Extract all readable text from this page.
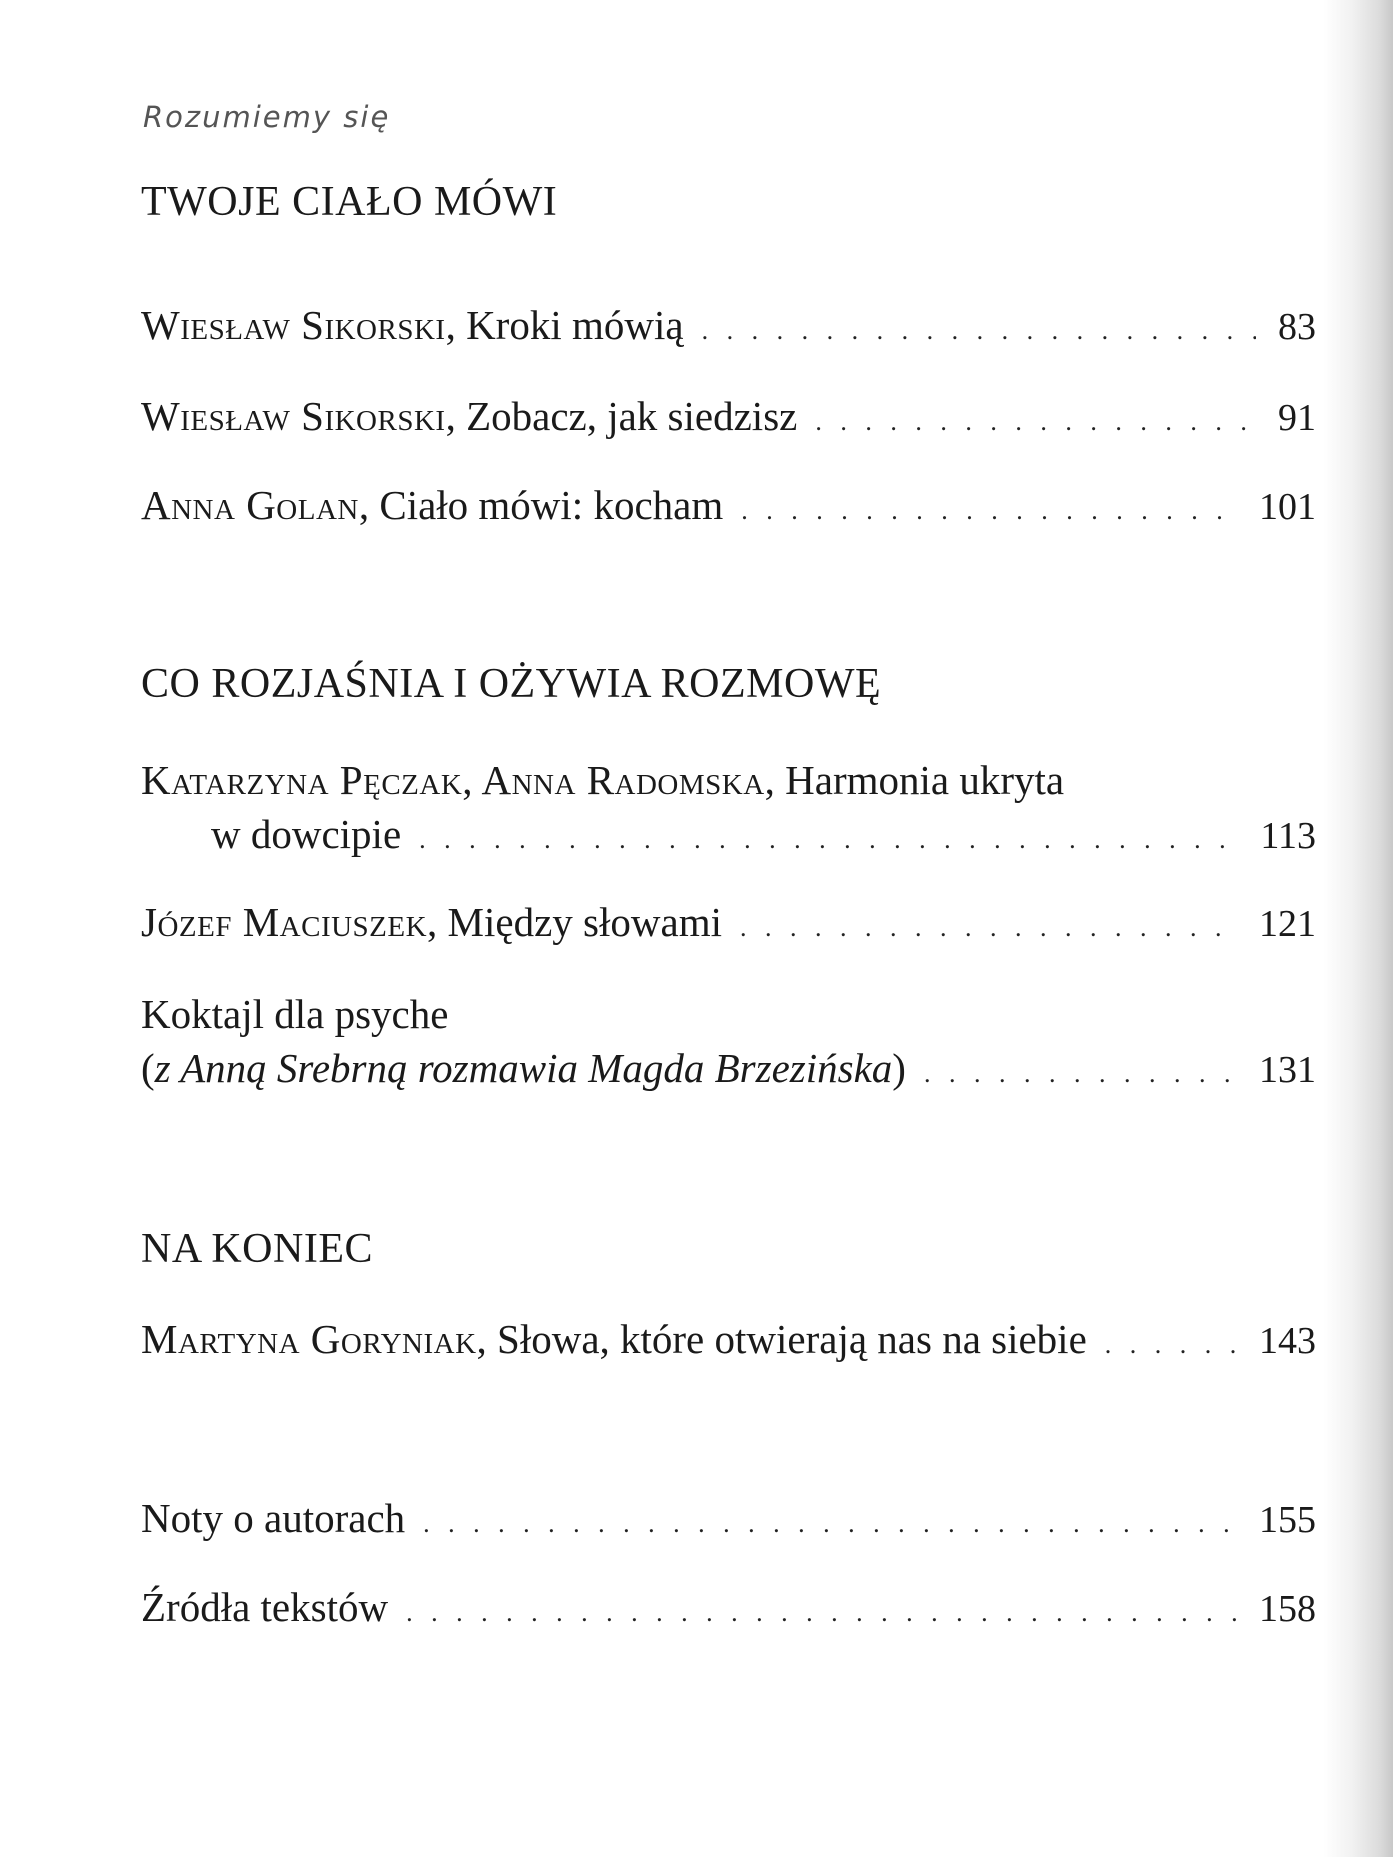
Rozumiemy się
TWOJE CIAŁO MÓWI
Wiesław Sikorski, Kroki mówią . . .	83
Wiesław Sikorski, Zobacz, jak siedzisz . . .	91
Anna Golan, Ciało mówi: kocham . . .	101
CO ROZJAŚNIA I OŻYWIA ROZMOWĘ
Katarzyna Pęczak, Anna Radomska, Harmonia ukryta
w dowcipie . . .	113
Józef Maciuszek, Między słowami . . .	121
Koktajl dla psyche
(z Anną Srebrną rozmawia Magda Brzezińska) . . .	131
NA KONIEC
Martyna Goryniak, Słowa, które otwierają nas na siebie . . .	143
Noty o autorach . . .	155
Źródła tekstów . . .	158
